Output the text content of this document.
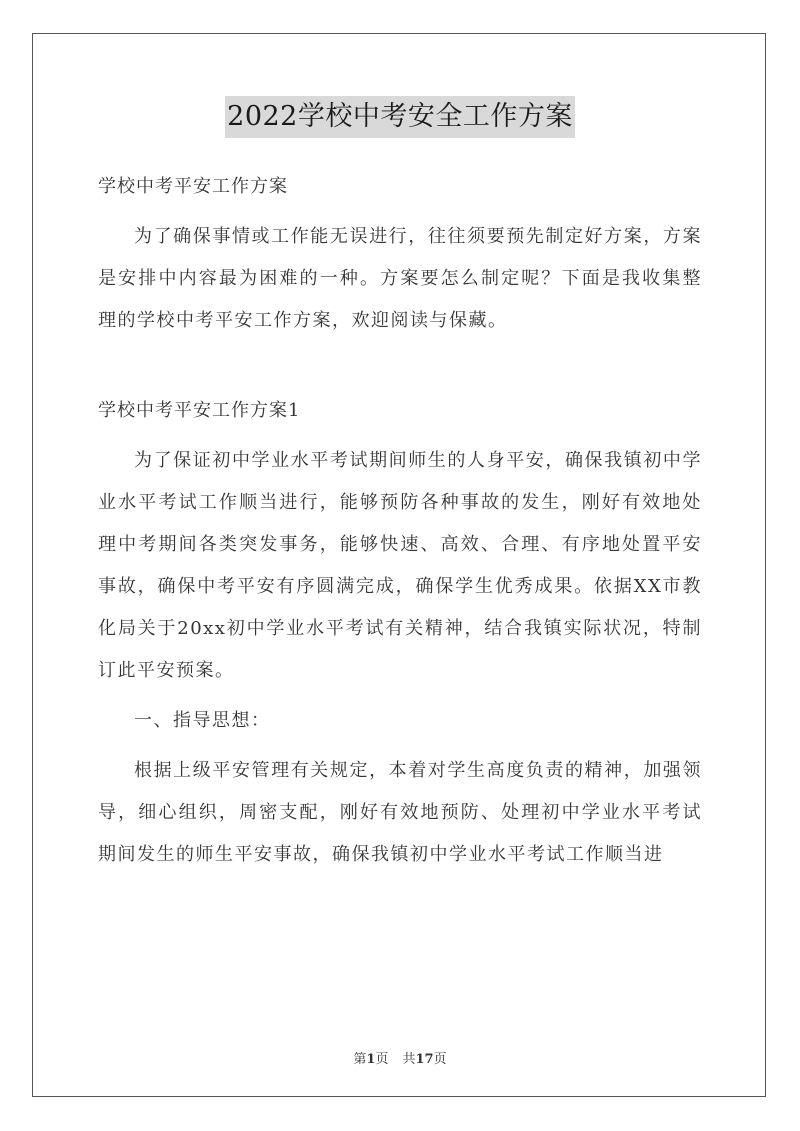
2022学校中考安全工作方案

学校中考平安工作方案

为了确保事情或工作能无误进行，往往须要预先制定好方案，方案是安排中内容最为困难的一种。方案要怎么制定呢？下面是我收集整理的学校中考平安工作方案，欢迎阅读与保藏。

学校中考平安工作方案1

为了保证初中学业水平考试期间师生的人身平安，确保我镇初中学业水平考试工作顺当进行，能够预防各种事故的发生，刚好有效地处理中考期间各类突发事务，能够快速、高效、合理、有序地处置平安事故，确保中考平安有序圆满完成，确保学生优秀成果。依据XX市教化局关于20xx初中学业水平考试有关精神，结合我镇实际状况，特制订此平安预案。

一、指导思想：

根据上级平安管理有关规定，本着对学生高度负责的精神，加强领导，细心组织，周密支配，刚好有效地预防、处理初中学业水平考试期间发生的师生平安事故，确保我镇初中学业水平考试工作顺当进

第1页 共17页
